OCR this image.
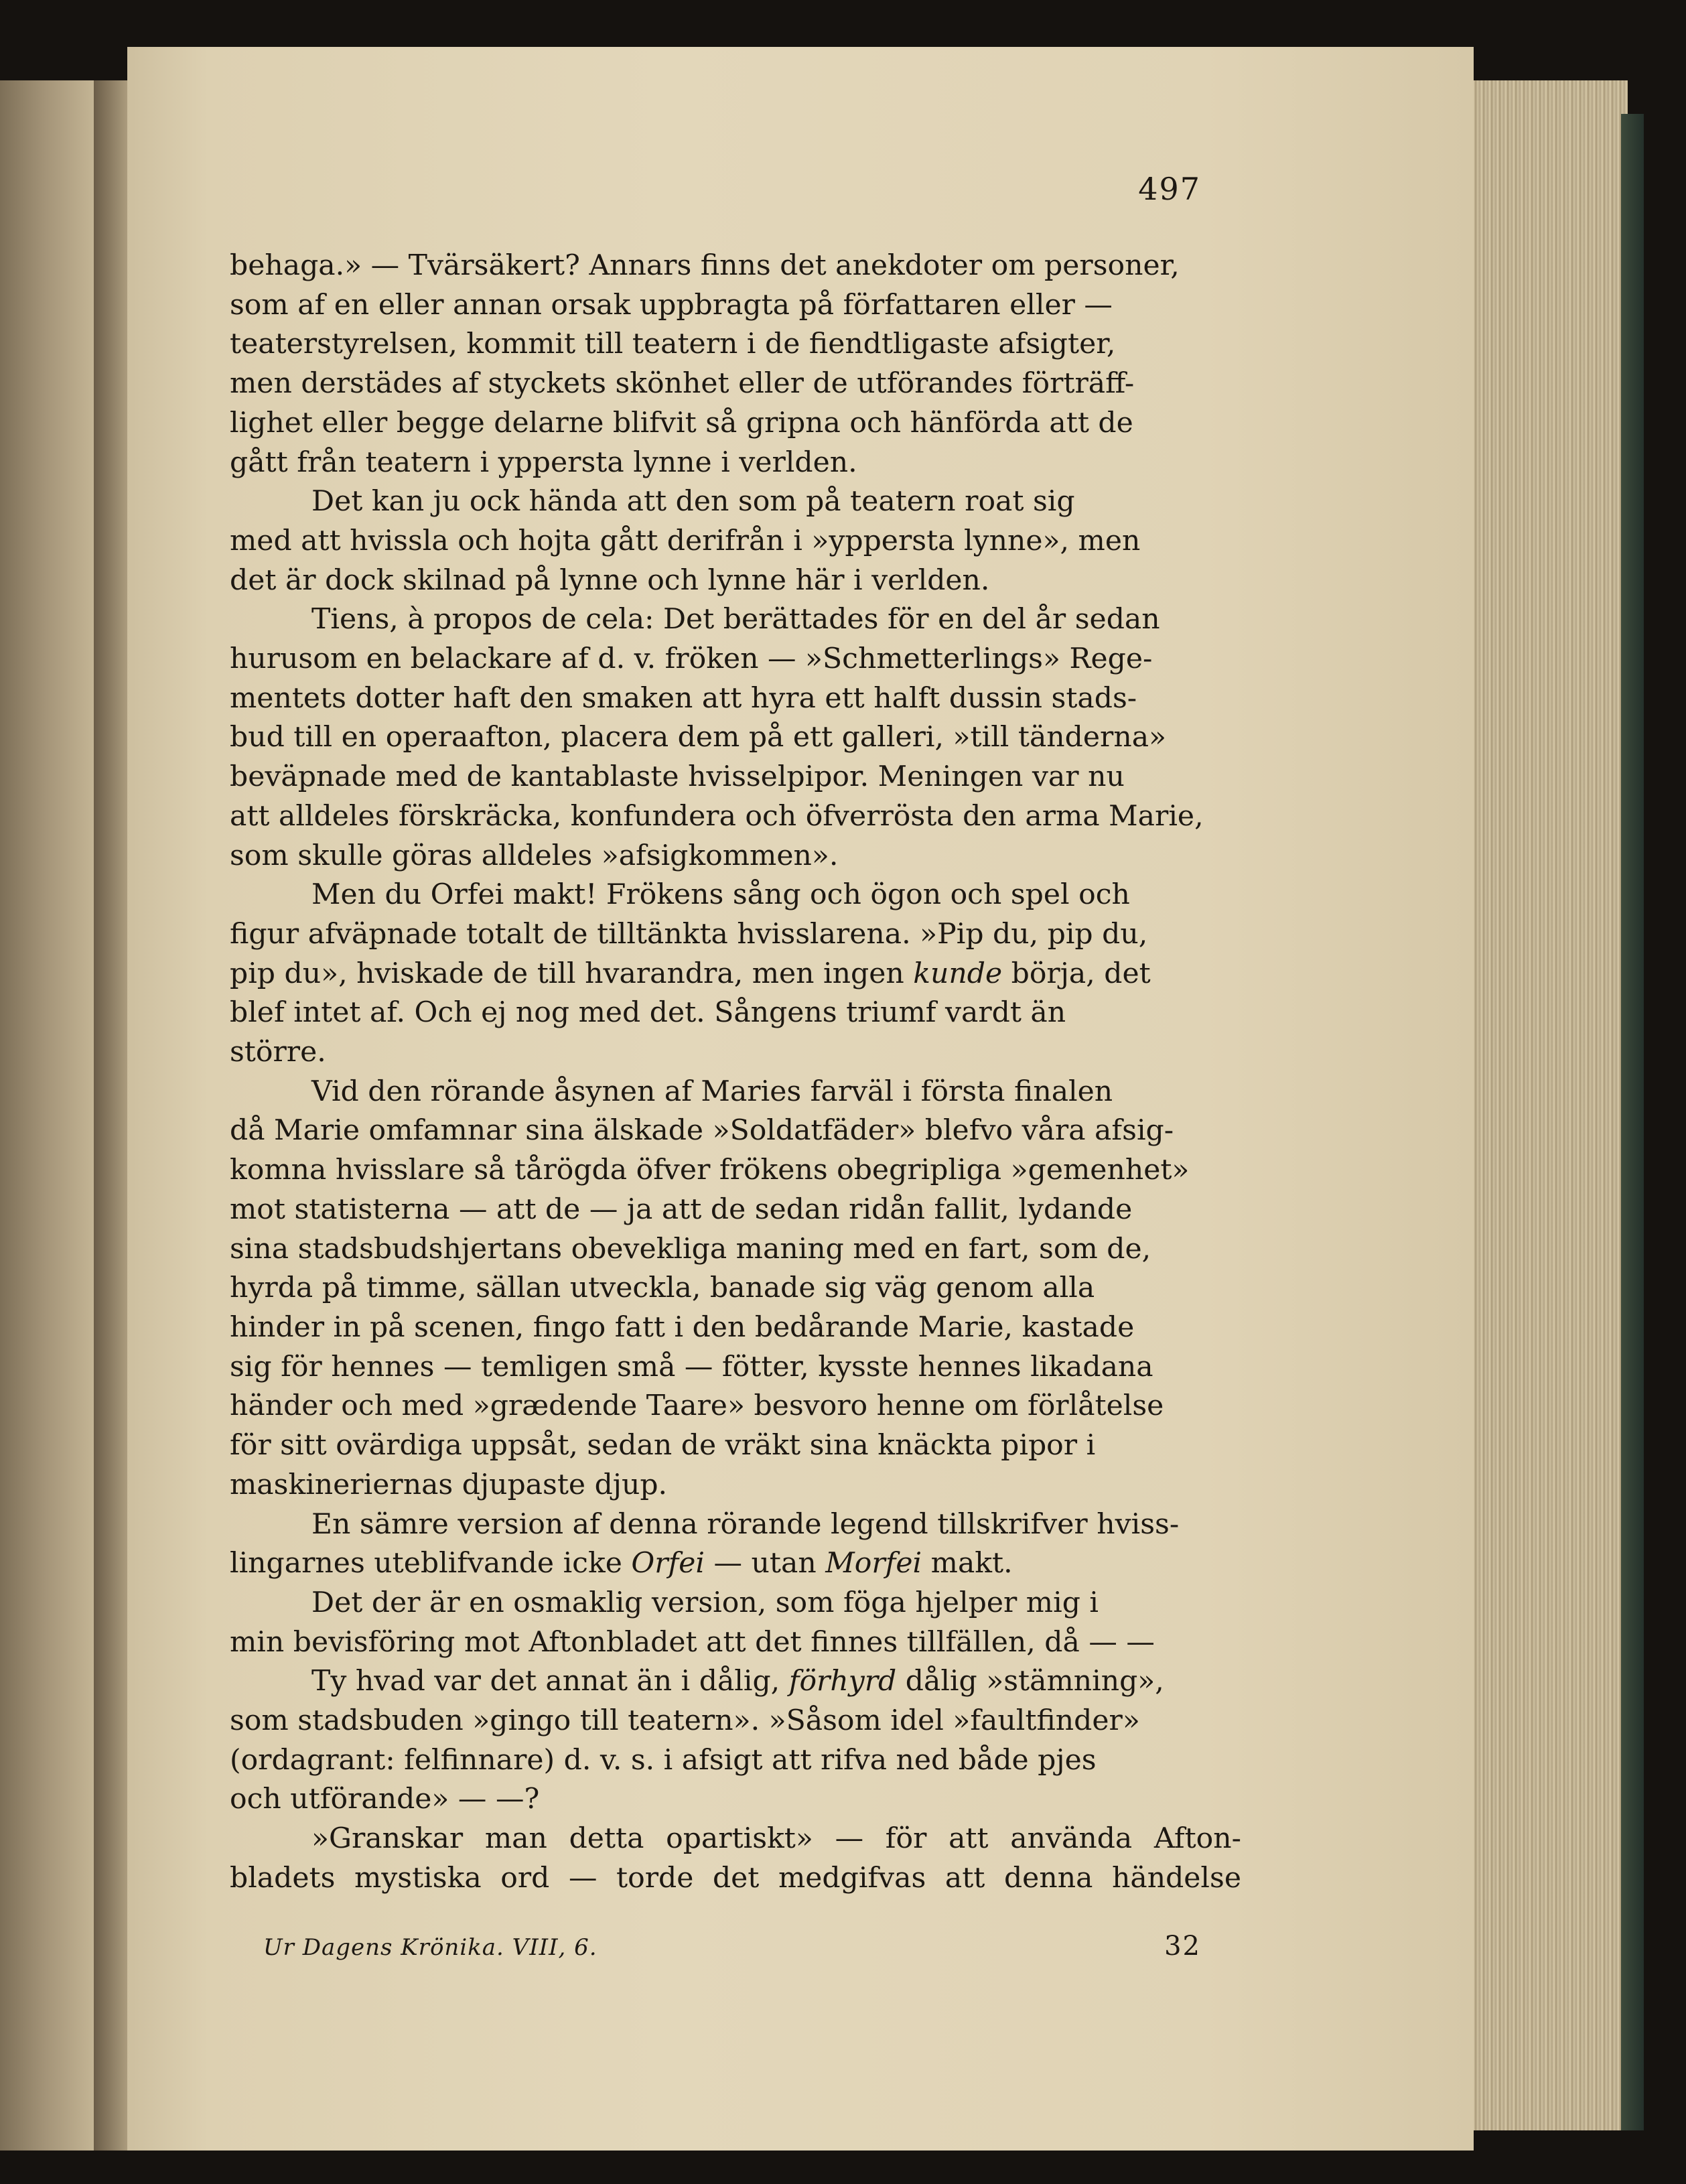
497

behaga.» — Tvärsäkert? Annars finns det anekdoter om personer,
som af en eller annan orsak uppbragta på författaren eller —
teaterstyrelsen, kommit till teatern i de fiendtligaste afsigter,
men derstädes af styckets skönhet eller de utförandes förträff-
lighet eller begge delarne blifvit så gripna och hänförda att de
gått från teatern i yppersta lynne i verlden.

Det kan ju ock hända att den som på teatern roat sig
med att hvissla och hojta gått derifrån i »yppersta lynne», men
det är dock skilnad på lynne och lynne här i verlden.

Tiens, à propos de cela: Det berättades för en del år sedan
hurusom en belackare af d. v. fröken — »Schmetterlings» Rege-
mentets dotter haft den smaken att hyra ett halft dussin stads-
bud till en operaafton, placera dem på ett galleri, »till tänderna»
beväpnade med de kantablaste hvisselpipor. Meningen var nu
att alldeles förskräcka, konfundera och öfverrösta den arma Marie,
som skulle göras alldeles »afsigkommen».

Men du Orfei makt! Frökens sång och ögon och spel och
figur afväpnade totalt de tilltänkta hvisslarena. »Pip du, pip du,
pip du», hviskade de till hvarandra, men ingen kunde börja, det
blef intet af. Och ej nog med det. Sångens triumf vardt än
större.

Vid den rörande åsynen af Maries farväl i första finalen
då Marie omfamnar sina älskade »Soldatfäder» blefvo våra afsig-
komna hvisslare så tårögda öfver frökens obegripliga »gemenhet»
mot statisterna — att de — ja att de sedan ridån fallit, lydande
sina stadsbudshjertans obevekliga maning med en fart, som de,
hyrda på timme, sällan utveckla, banade sig väg genom alla
hinder in på scenen, fingo fatt i den bedårande Marie, kastade
sig för hennes — temligen små — fötter, kysste hennes likadana
händer och med »grædende Taare» besvoro henne om förlåtelse
för sitt ovärdiga uppsåt, sedan de vräkt sina knäckta pipor i
maskineriernas djupaste djup.

En sämre version af denna rörande legend tillskrifver hviss-
lingarnes uteblifvande icke Orfei — utan Morfei makt.

Det der är en osmaklig version, som föga hjelper mig i
min bevisföring mot Aftonbladet att det finnes tillfällen, då — —

Ty hvad var det annat än i dålig, förhyrd dålig »stämning»,
som stadsbuden »gingo till teatern». »Såsom idel »faultfinder»
(ordagrant: felfinnare) d. v. s. i afsigt att rifva ned både pjes
och utförande» — —?

»Granskar man detta opartiskt» — för att använda Afton-
bladets mystiska ord — torde det medgifvas att denna händelse

Ur Dagens Krönika. VIII, 6.	32
